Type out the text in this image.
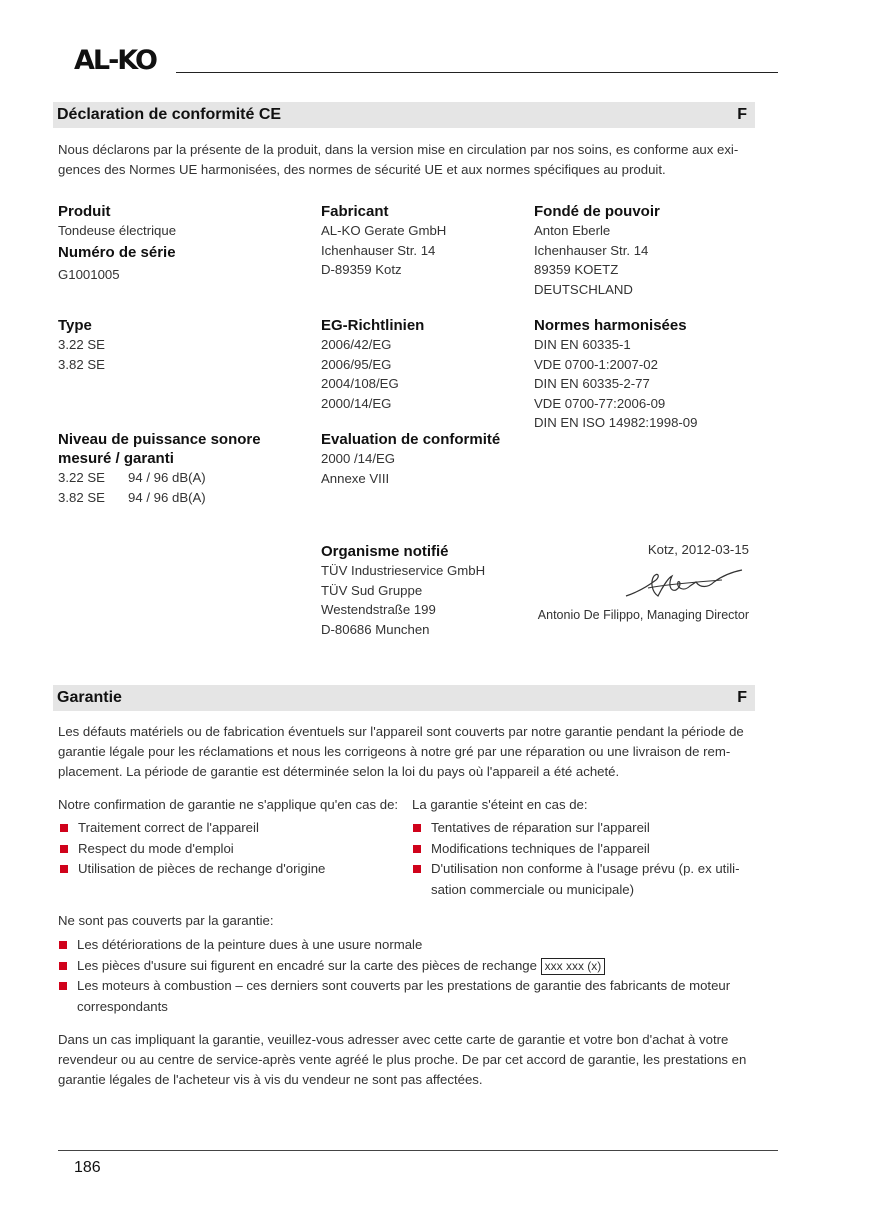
AL-KO
Déclaration de conformité CE	F
Nous déclarons par la présente de la produit, dans la version mise en circulation par nos soins, es conforme aux exi-gences des Normes UE harmonisées, des normes de sécurité UE et aux normes spécifiques au produit.
Produit
Tondeuse électrique
Numéro de série
G1001005
Type
3.22 SE
3.82 SE
Niveau de puissance sonore
mesuré / garanti
3.22 SE 94 / 96 dB(A)
3.82 SE 94 / 96 dB(A)
Fabricant
AL-KO Gerate GmbH
Ichenhauser Str. 14
D-89359 Kotz
EG-Richtlinien
2006/42/EG
2006/95/EG
2004/108/EG
2000/14/EG
Evaluation de conformité
2000 /14/EG
Annexe VIII
Organisme notifié
TÜV Industrieservice GmbH
TÜV Sud Gruppe
Westendstraße 199
D-80686 Munchen
Fondé de pouvoir
Anton Eberle
Ichenhauser Str. 14
89359 KOETZ
DEUTSCHLAND
Normes harmonisées
DIN EN 60335-1
VDE 0700-1:2007-02
DIN EN 60335-2-77
VDE 0700-77:2006-09
DIN EN ISO 14982:1998-09
Kotz, 2012-03-15
Antonio De Filippo, Managing Director
Garantie	F
Les défauts matériels ou de fabrication éventuels sur l'appareil sont couverts par notre garantie pendant la période de garantie légale pour les réclamations et nous les corrigeons à notre gré par une réparation ou une livraison de rem-placement. La période de garantie est déterminée selon la loi du pays où l'appareil a été acheté.
Notre confirmation de garantie ne s'applique qu'en cas de:
Traitement correct de l'appareil
Respect du mode d'emploi
Utilisation de pièces de rechange d'origine
La garantie s'éteint en cas de:
Tentatives de réparation sur l'appareil
Modifications techniques de l'appareil
D'utilisation non conforme à l'usage prévu (p. ex utili-sation commerciale ou municipale)
Ne sont pas couverts par la garantie:
Les détériorations de la peinture dues à une usure normale
Les pièces d'usure sui figurent en encadré sur la carte des pièces de rechange xxx xxx (x)
Les moteurs à combustion – ces derniers sont couverts par les prestations de garantie des fabricants de moteur correspondants
Dans un cas impliquant la garantie, veuillez-vous adresser avec cette carte de garantie et votre bon d'achat à votre revendeur ou au centre de service-après vente agréé le plus proche. De par cet accord de garantie, les prestations en garantie légales de l'acheteur vis à vis du vendeur ne sont pas affectées.
186
